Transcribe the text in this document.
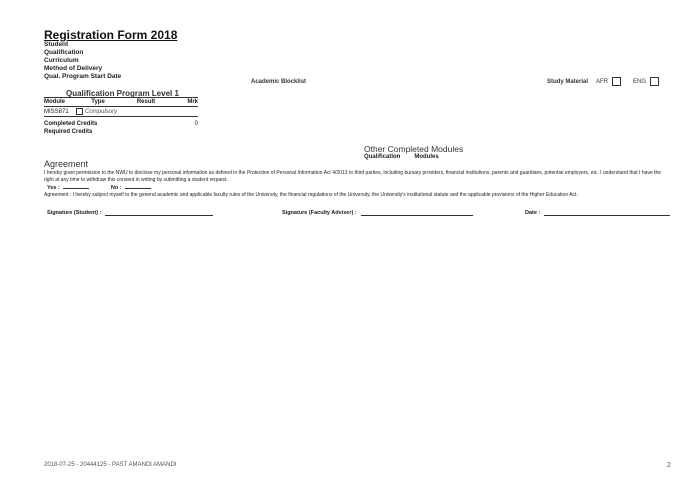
Registration Form 2018
Student
Qualification
Curriculum
Method of Delivery
Qual. Program Start Date
Academic Blocklist	Study Material AFR	ENG
Qualification Program Level 1
Module	Type	Result	Mrk
MISS871	Compulsory
Completed Credits	0
Required Credits
Other Completed Modules
Qualification Modules
Agreement
I hereby grant permission to the NWU to disclose my personal information as defined in the Protection of Personal Information Act 4/2013 to third parties, including bursary providers, financial institutions, parents and guardians, potential employers, etc. I understand that I have the right at any time to withdraw this consent in writing by submitting a student request.
Yes :	No :
Agreement : I hereby subject myself to the general academic and applicable faculty rules of the University, the financial regulations of the University, the University's institutional statute and the applicable provisions of the Higher Education Act.
Signature (Student) :	Signature (Faculty Adviser) :	Date :
2018-07-25 - 20444125 - PAST AMANDI AMANDI	2
